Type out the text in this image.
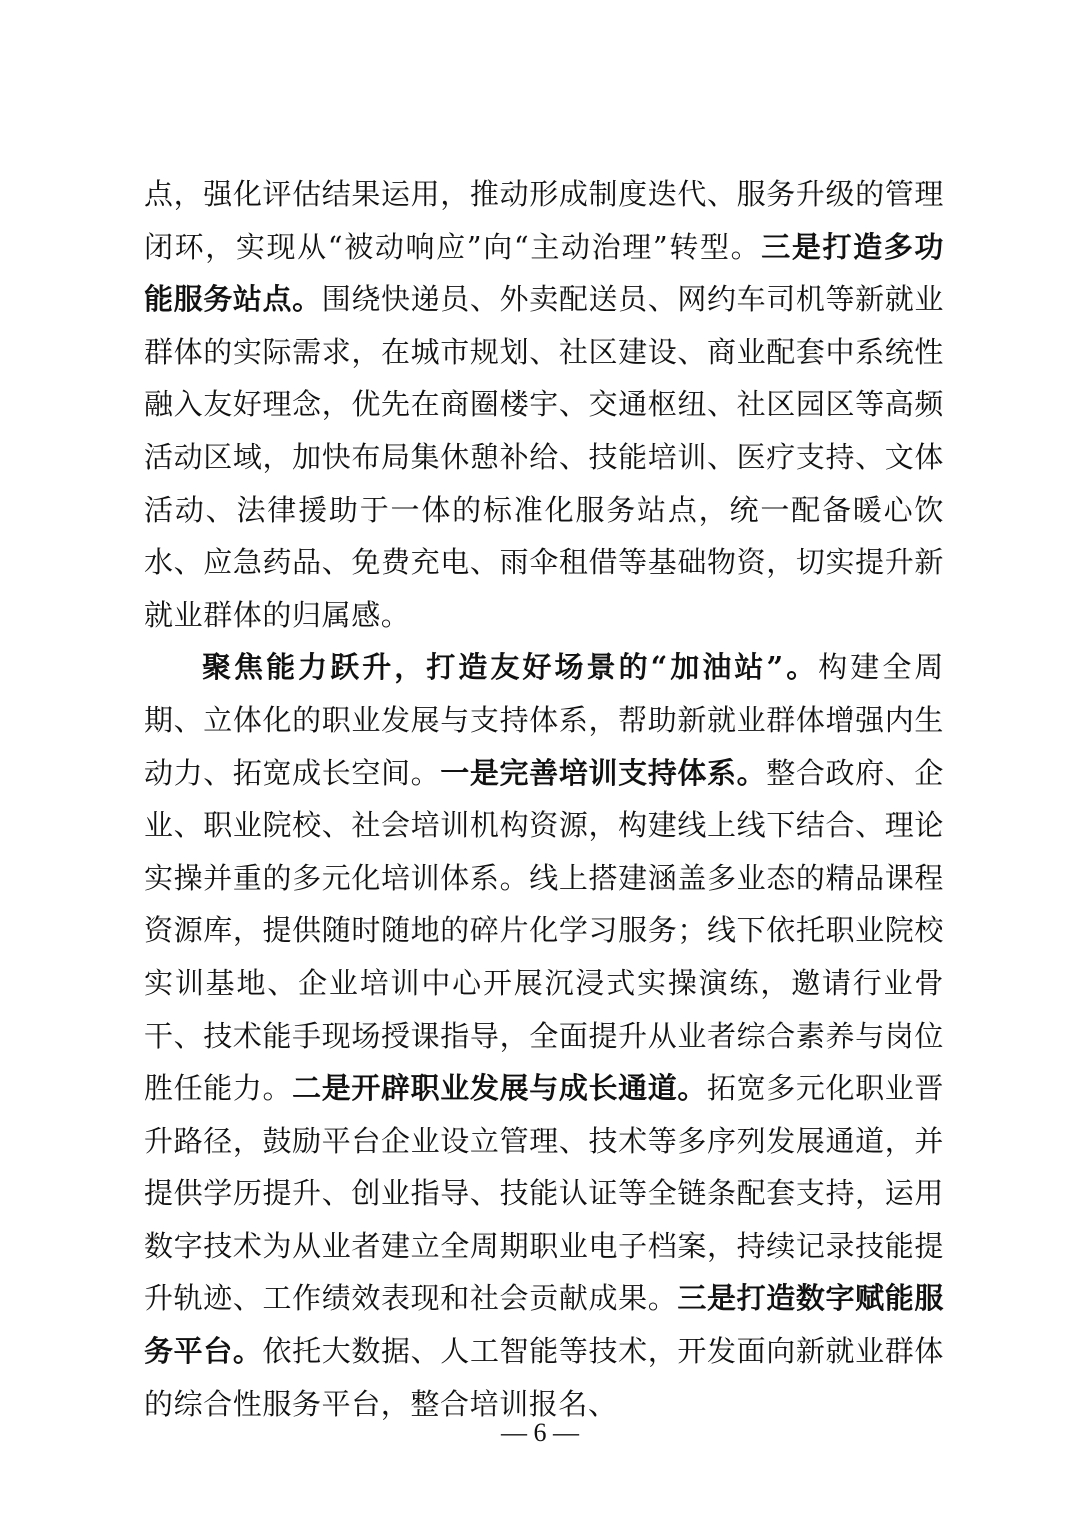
点，强化评估结果运用，推动形成制度迭代、服务升级的管理闭环，实现从“被动响应”向“主动治理”转型。三是打造多功能服务站点。围绕快递员、外卖配送员、网约车司机等新就业群体的实际需求，在城市规划、社区建设、商业配套中系统性融入友好理念，优先在商圈楼宇、交通枢纽、社区园区等高频活动区域，加快布局集休憩补给、技能培训、医疗支持、文体活动、法律援助于一体的标准化服务站点，统一配备暖心饮水、应急药品、免费充电、雨伞租借等基础物资，切实提升新就业群体的归属感。

聚焦能力跃升，打造友好场景的“加油站”。构建全周期、立体化的职业发展与支持体系，帮助新就业群体增强内生动力、拓宽成长空间。一是完善培训支持体系。整合政府、企业、职业院校、社会培训机构资源，构建线上线下结合、理论实操并重的多元化培训体系。线上搭建涵盖多业态的精品课程资源库，提供随时随地的碎片化学习服务；线下依托职业院校实训基地、企业培训中心开展沉浸式实操演练，邀请行业骨干、技术能手现场授课指导，全面提升从业者综合素养与岗位胜任能力。二是开辟职业发展与成长通道。拓宽多元化职业晋升路径，鼓励平台企业设立管理、技术等多序列发展通道，并提供学历提升、创业指导、技能认证等全链条配套支持，运用数字技术为从业者建立全周期职业电子档案，持续记录技能提升轨迹、工作绩效表现和社会贡献成果。三是打造数字赋能服务平台。依托大数据、人工智能等技术，开发面向新就业群体的综合性服务平台，整合培训报名、

— 6 —
